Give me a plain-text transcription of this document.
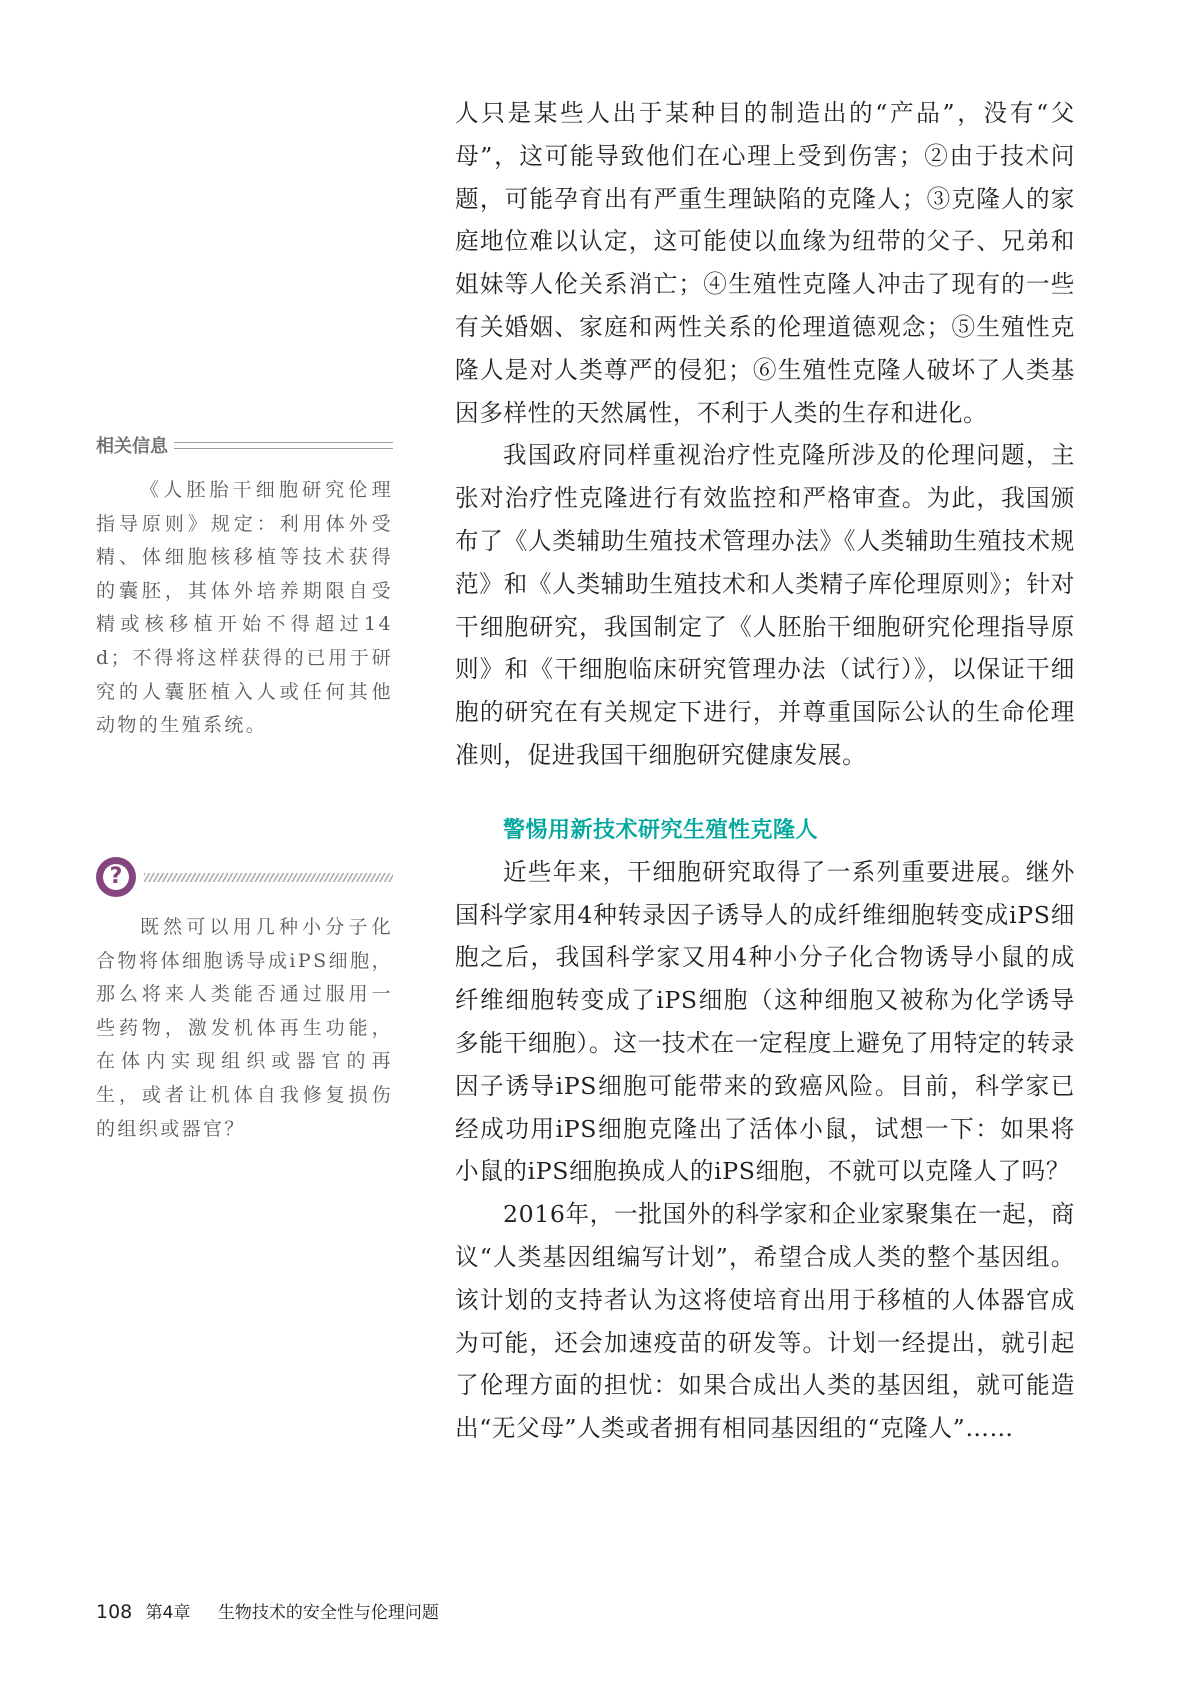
人只是某些人出于某种目的制造出的“产品”，没有“父母”，这可能导致他们在心理上受到伤害；②由于技术问题，可能孕育出有严重生理缺陷的克隆人；③克隆人的家庭地位难以认定，这可能使以血缘为纽带的父子、兄弟和姐妹等人伦关系消亡；④生殖性克隆人冲击了现有的一些有关婚姻、家庭和两性关系的伦理道德观念；⑤生殖性克隆人是对人类尊严的侵犯；⑥生殖性克隆人破坏了人类基因多样性的天然属性，不利于人类的生存和进化。

我国政府同样重视治疗性克隆所涉及的伦理问题，主张对治疗性克隆进行有效监控和严格审查。为此，我国颁布了《人类辅助生殖技术管理办法》《人类辅助生殖技术规范》和《人类辅助生殖技术和人类精子库伦理原则》；针对干细胞研究，我国制定了《人胚胎干细胞研究伦理指导原则》和《干细胞临床研究管理办法（试行）》，以保证干细胞的研究在有关规定下进行，并尊重国际公认的生命伦理准则，促进我国干细胞研究健康发展。

警惕用新技术研究生殖性克隆人

近些年来，干细胞研究取得了一系列重要进展。继外国科学家用4种转录因子诱导人的成纤维细胞转变成iPS细胞之后，我国科学家又用4种小分子化合物诱导小鼠的成纤维细胞转变成了iPS细胞（这种细胞又被称为化学诱导多能干细胞）。这一技术在一定程度上避免了用特定的转录因子诱导iPS细胞可能带来的致癌风险。目前，科学家已经成功用iPS细胞克隆出了活体小鼠，试想一下：如果将小鼠的iPS细胞换成人的iPS细胞，不就可以克隆人了吗？

2016年，一批国外的科学家和企业家聚集在一起，商议“人类基因组编写计划”，希望合成人类的整个基因组。该计划的支持者认为这将使培育出用于移植的人体器官成为可能，还会加速疫苗的研发等。计划一经提出，就引起了伦理方面的担忧：如果合成出人类的基因组，就可能造出“无父母”人类或者拥有相同基因组的“克隆人”……

相关信息

《人胚胎干细胞研究伦理指导原则》规定：利用体外受精、体细胞核移植等技术获得的囊胚，其体外培养期限自受精或核移植开始不得超过14 d；不得将这样获得的已用于研究的人囊胚植入人或任何其他动物的生殖系统。

?

既然可以用几种小分子化合物将体细胞诱导成iPS细胞，那么将来人类能否通过服用一些药物，激发机体再生功能，在体内实现组织或器官的再生，或者让机体自我修复损伤的组织或器官？

108 第4章 生物技术的安全性与伦理问题
